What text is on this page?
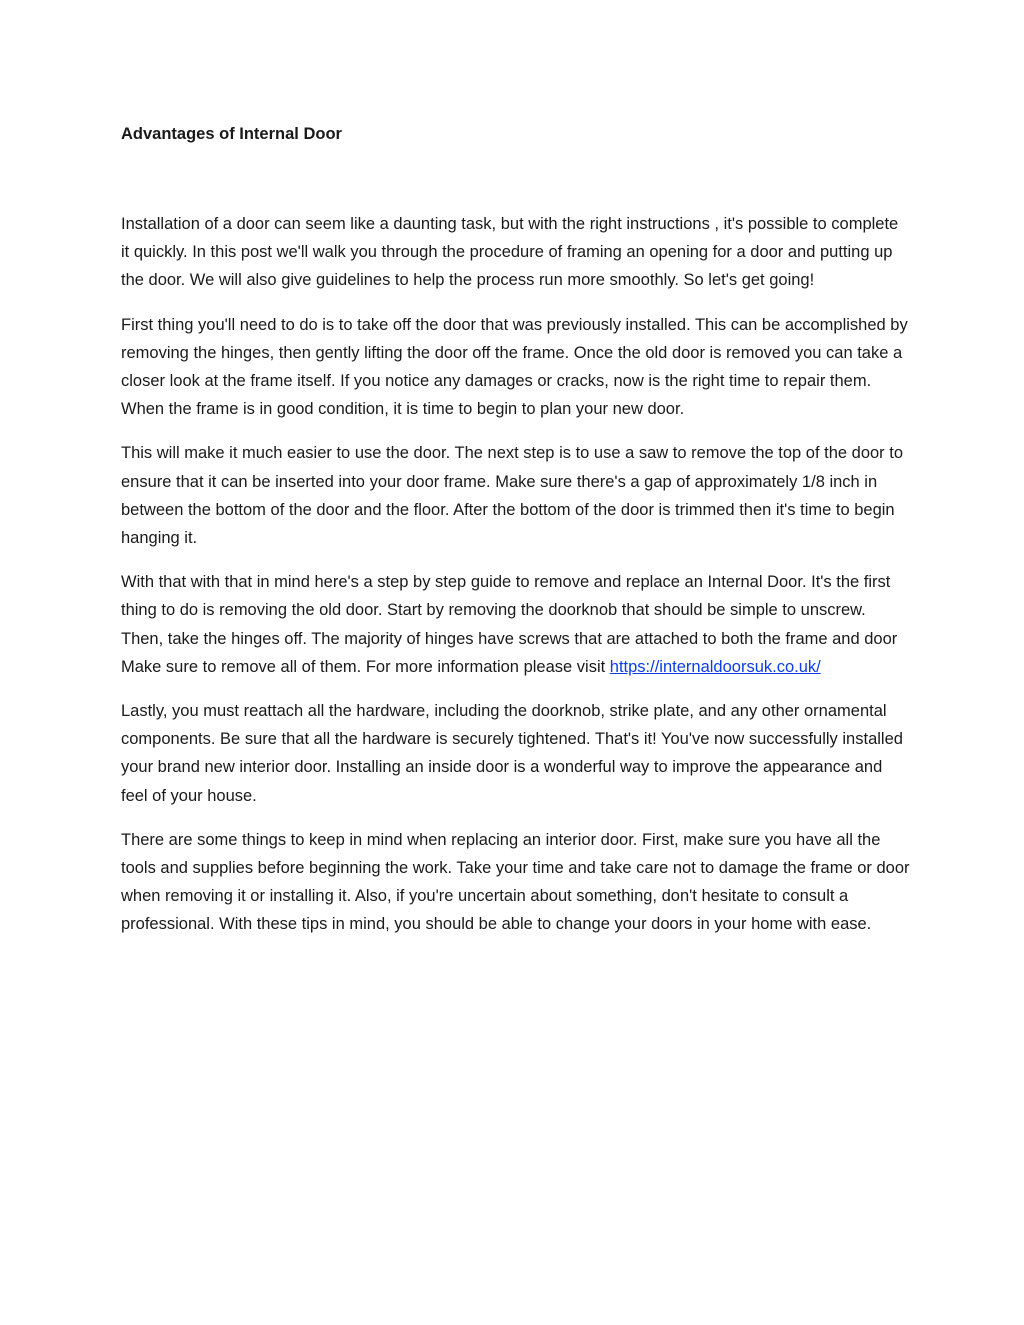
Advantages of Internal Door

Installation of a door can seem like a daunting task, but with the right instructions , it's possible to complete it quickly. In this post we'll walk you through the procedure of framing an opening for a door and putting up the door. We will also give guidelines to help the process run more smoothly. So let's get going!

First thing you'll need to do is to take off the door that was previously installed. This can be accomplished by removing the hinges, then gently lifting the door off the frame. Once the old door is removed you can take a closer look at the frame itself. If you notice any damages or cracks, now is the right time to repair them. When the frame is in good condition, it is time to begin to plan your new door.

This will make it much easier to use the door. The next step is to use a saw to remove the top of the door to ensure that it can be inserted into your door frame. Make sure there's a gap of approximately 1/8 inch in between the bottom of the door and the floor. After the bottom of the door is trimmed then it's time to begin hanging it.

With that with that in mind here's a step by step guide to remove and replace an Internal Door. It's the first thing to do is removing the old door. Start by removing the doorknob that should be simple to unscrew. Then, take the hinges off. The majority of hinges have screws that are attached to both the frame and door Make sure to remove all of them. For more information please visit https://internaldoorsuk.co.uk/

Lastly, you must reattach all the hardware, including the doorknob, strike plate, and any other ornamental components. Be sure that all the hardware is securely tightened. That's it! You've now successfully installed your brand new interior door. Installing an inside door is a wonderful way to improve the appearance and feel of your house.

There are some things to keep in mind when replacing an interior door. First, make sure you have all the tools and supplies before beginning the work. Take your time and take care not to damage the frame or door when removing it or installing it. Also, if you're uncertain about something, don't hesitate to consult a professional. With these tips in mind, you should be able to change your doors in your home with ease.
